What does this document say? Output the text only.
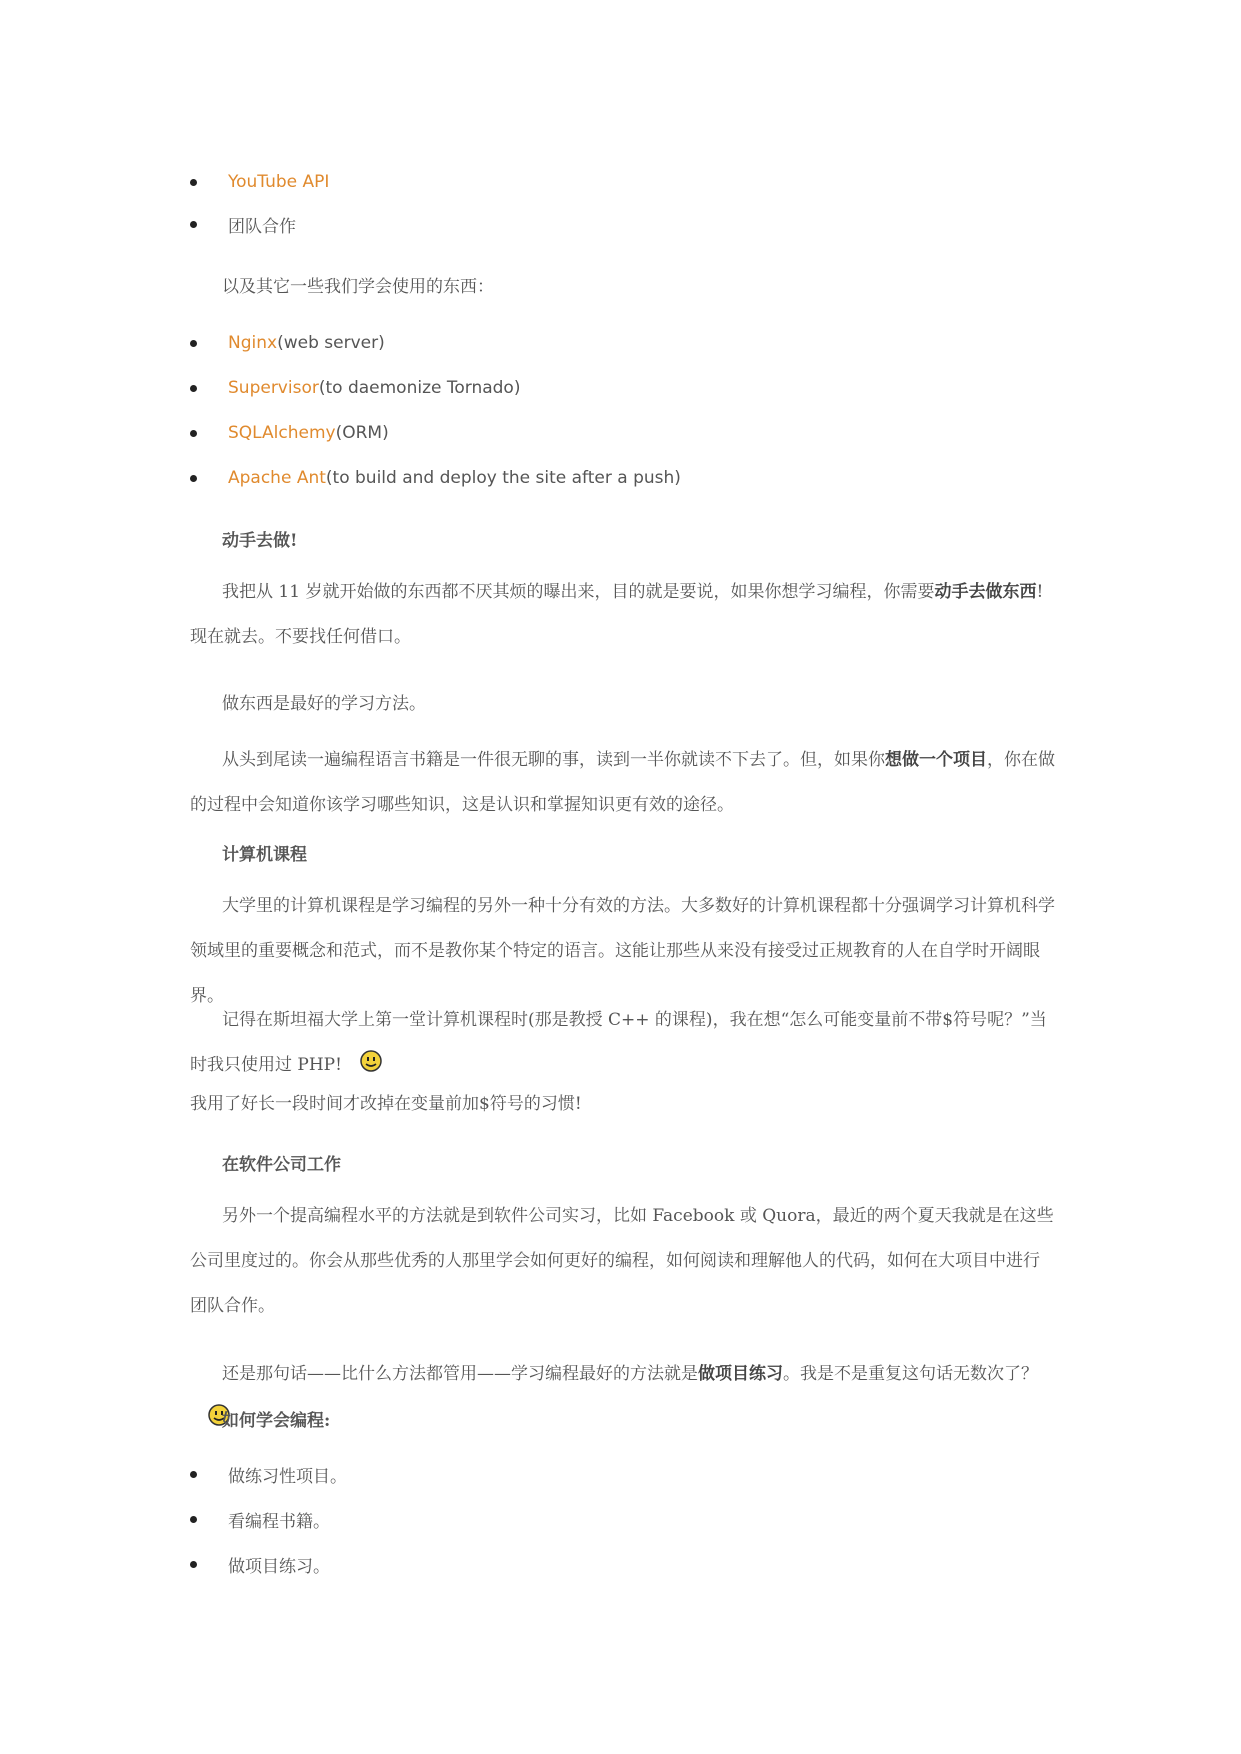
YouTube API
团队合作
以及其它一些我们学会使用的东西：
Nginx (web server)
Supervisor (to daemonize Tornado)
SQLAlchemy (ORM)
Apache Ant (to build and deploy the site after a push)
动手去做!

我把从 11 岁就开始做的东西都不厌其烦的曝出来，目的就是要说，如果你想学习编程，你需要动手去做东西! 现在就去。不要找任何借口。

做东西是最好的学习方法。

从头到尾读一遍编程语言书籍是一件很无聊的事，读到一半你就读不下去了。但，如果你想做一个项目，你在做的过程中会知道你该学习哪些知识，这是认识和掌握知识更有效的途径。

计算机课程

大学里的计算机课程是学习编程的另外一种十分有效的方法。大多数好的计算机课程都十分强调学习计算机科学领域里的重要概念和范式，而不是教你某个特定的语言。这能让那些从来没有接受过正规教育的人在自学时开阔眼界。

记得在斯坦福大学上第一堂计算机课程时(那是教授 C++ 的课程)，我在想“怎么可能变量前不带$符号呢？”当时我只使用过 PHP!

我用了好长一段时间才改掉在变量前加$符号的习惯!
在软件公司工作

另外一个提高编程水平的方法就是到软件公司实习，比如 Facebook 或 Quora，最近的两个夏天我就是在这些公司里度过的。你会从那些优秀的人那里学会如何更好的编程，如何阅读和理解他人的代码，如何在大项目中进行团队合作。

还是那句话——比什么方法都管用——学习编程最好的方法就是做项目练习。我是不是重复这句话无数次了？

如何学会编程:
做练习性项目。
看编程书籍。
做项目练习。
